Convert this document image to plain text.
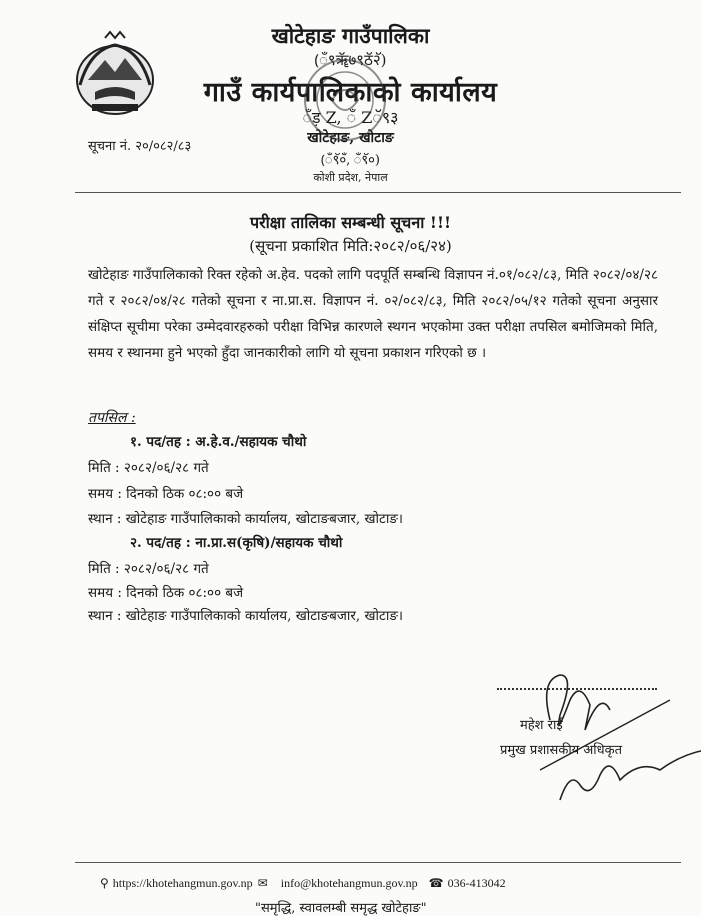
खोटेहाङ गाउँपालिका
(ँ९ॠॅ७९ठॅ२ॅ)
गाउँ कार्यपालिकाको कार्यालय
ँड़ Z, ँ Zॅ९३
खोटेहाङ, खोटाङ
(ँ९ॅ०ँ, ँ९ॅ०)
कोशी प्रदेश, नेपाल
सूचना नं. २०/०८२/८३
परीक्षा तालिका सम्बन्धी सूचना !!!
(सूचना प्रकाशित मिति:२०८२/०६/२४)
खोटेहाङ गाउँपालिकाको रिक्त रहेको अ.हेव. पदको लागि पदपूर्ति सम्बन्धि विज्ञापन नं.०१/०८२/८३, मिति २०८२/०४/२८ गते र २०८२/०४/२८ गतेको सूचना र ना.प्रा.स. विज्ञापन नं. ०२/०८२/८३, मिति २०८२/०५/१२ गतेको सूचना अनुसार संक्षिप्त सूचीमा परेका उम्मेदवारहरुको परीक्षा विभिन्न कारणले स्थगन भएकोमा उक्त परीक्षा तपसिल बमोजिमको मिति, समय र स्थानमा हुने भएको हुँदा जानकारीको लागि यो सूचना प्रकाशन गरिएको छ ।
तपसिल :
१. पद/तह : अ.हे.व./सहायक चौथो
मिति : २०८२/०६/२८ गते
समय : दिनको ठिक ०८:०० बजे
स्थान : खोटेहाङ गाउँपालिकाको कार्यालय, खोटाङबजार, खोटाङ।
२. पद/तह : ना.प्रा.स(कृषि)/सहायक चौथो
मिति : २०८२/०६/२८ गते
समय : दिनको ठिक ०८:०० बजे
स्थान : खोटेहाङ गाउँपालिकाको कार्यालय, खोटाङबजार, खोटाङ।
महेश राई
प्रमुख प्रशासकीय अधिकृत
⚲ https://khotehangmun.gov.np ✉ info@khotehangmun.gov.np ☎ 036-413042
"समृद्धि, स्वावलम्बी समृद्ध खोटेहाङ"
